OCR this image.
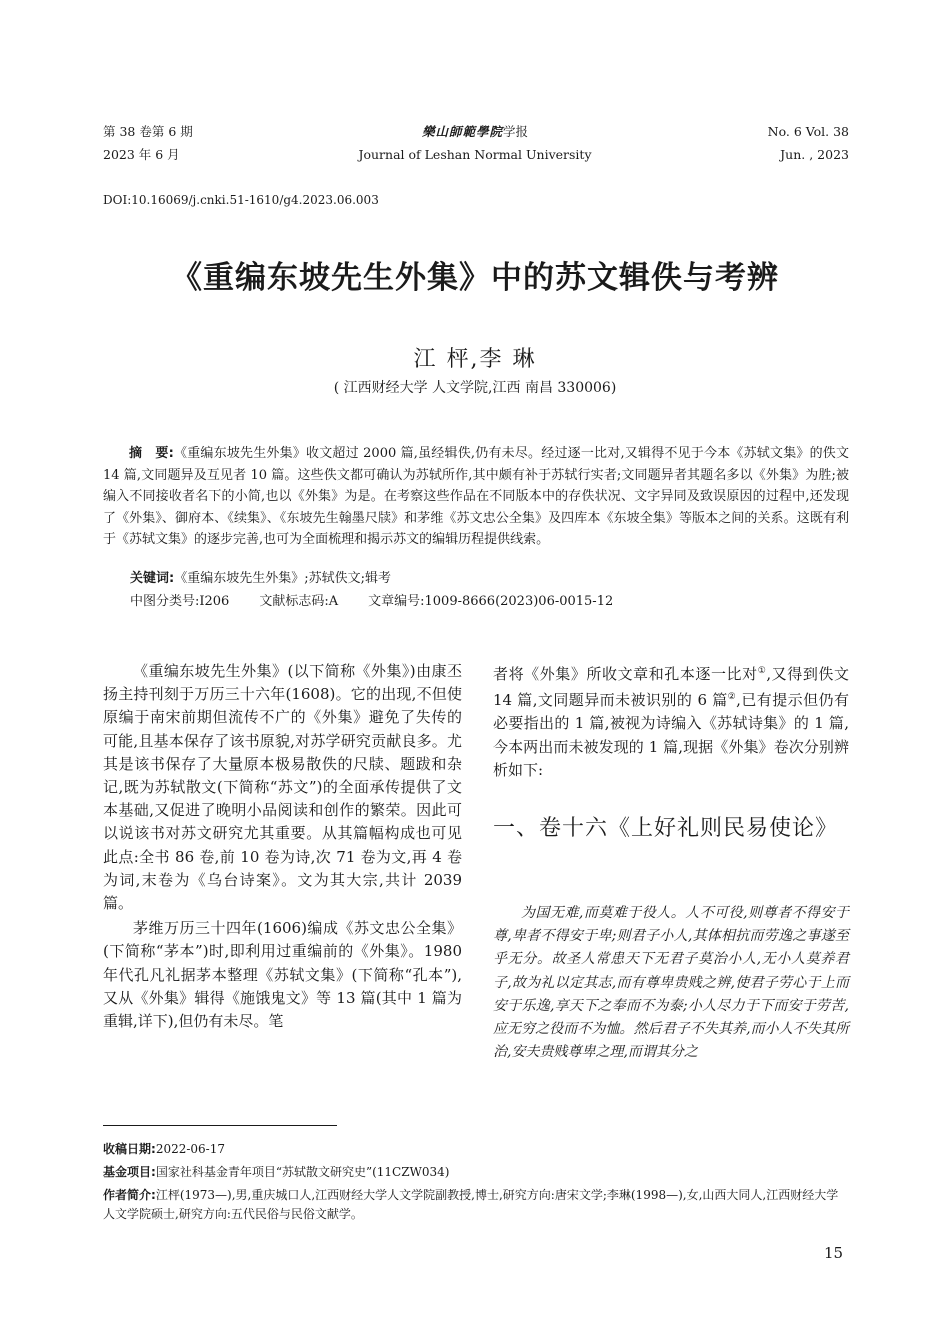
第 38 卷第 6 期
2023 年 6 月
樂山師範學院学报
Journal of Leshan Normal University
No. 6 Vol. 38
Jun. , 2023
DOI:10.16069/j.cnki.51-1610/g4.2023.06.003
《重编东坡先生外集》中的苏文辑佚与考辨
江 枰,李 琳
( 江西财经大学 人文学院,江西 南昌 330006)
摘　要:《重编东坡先生外集》收文超过 2000 篇,虽经辑佚,仍有未尽。经过逐一比对,又辑得不见于今本《苏轼文集》的佚文 14 篇,文同题异及互见者 10 篇。这些佚文都可确认为苏轼所作,其中颇有补于苏轼行实者;文同题异者其题名多以《外集》为胜;被编入不同接收者名下的小简,也以《外集》为是。在考察这些作品在不同版本中的存佚状况、文字异同及致误原因的过程中,还发现了《外集》、御府本、《续集》、《东坡先生翰墨尺牍》和茅维《苏文忠公全集》及四库本《东坡全集》等版本之间的关系。这既有利于《苏轼文集》的逐步完善,也可为全面梳理和揭示苏文的编辑历程提供线索。
关键词:《重编东坡先生外集》;苏轼佚文;辑考
中图分类号:I206 文献标志码:A 文章编号:1009-8666(2023)06-0015-12

《重编东坡先生外集》(以下简称《外集》)由康丕扬主持刊刻于万历三十六年(1608)。它的出现,不但使原编于南宋前期但流传不广的《外集》避免了失传的可能,且基本保存了该书原貌,对苏学研究贡献良多。尤其是该书保存了大量原本极易散佚的尺牍、题跋和杂记,既为苏轼散文(下简称“苏文”)的全面承传提供了文本基础,又促进了晚明小品阅读和创作的繁荣。因此可以说该书对苏文研究尤其重要。从其篇幅构成也可见此点:全书 86 卷,前 10 卷为诗,次 71 卷为文,再 4 卷为词,末卷为《乌台诗案》。文为其大宗,共计 2039 篇。

茅维万历三十四年(1606)编成《苏文忠公全集》(下简称“茅本”)时,即利用过重编前的《外集》。1980 年代孔凡礼据茅本整理《苏轼文集》(下简称“孔本”),又从《外集》辑得《施饿鬼文》等 13 篇(其中 1 篇为重辑,详下),但仍有未尽。笔

者将《外集》所收文章和孔本逐一比对①,又得到佚文 14 篇,文同题异而未被识别的 6 篇②,已有提示但仍有必要指出的 1 篇,被视为诗编入《苏轼诗集》的 1 篇,今本两出而未被发现的 1 篇,现据《外集》卷次分别辨析如下:

一、卷十六《上好礼则民易使论》
为国无难,而莫难于役人。人不可役,则尊者不得安于尊,卑者不得安于卑;则君子小人,其体相抗而劳逸之事遂至乎无分。故圣人常患天下无君子莫治小人,无小人莫养君子,故为礼以定其志,而有尊卑贵贱之辨,使君子劳心于上而安于乐逸,享天下之奉而不为泰;小人尽力于下而安于劳苦,应无穷之役而不为恤。然后君子不失其养,而小人不失其所治,安夫贵贱尊卑之理,而谓其分之
收稿日期:2022-06-17
基金项目:国家社科基金青年项目“苏轼散文研究史”(11CZW034)
作者简介:江枰(1973—),男,重庆城口人,江西财经大学人文学院副教授,博士,研究方向:唐宋文学;李琳(1998—),女,山西大同人,江西财经大学人文学院硕士,研究方向:五代民俗与民俗文献学。
15
